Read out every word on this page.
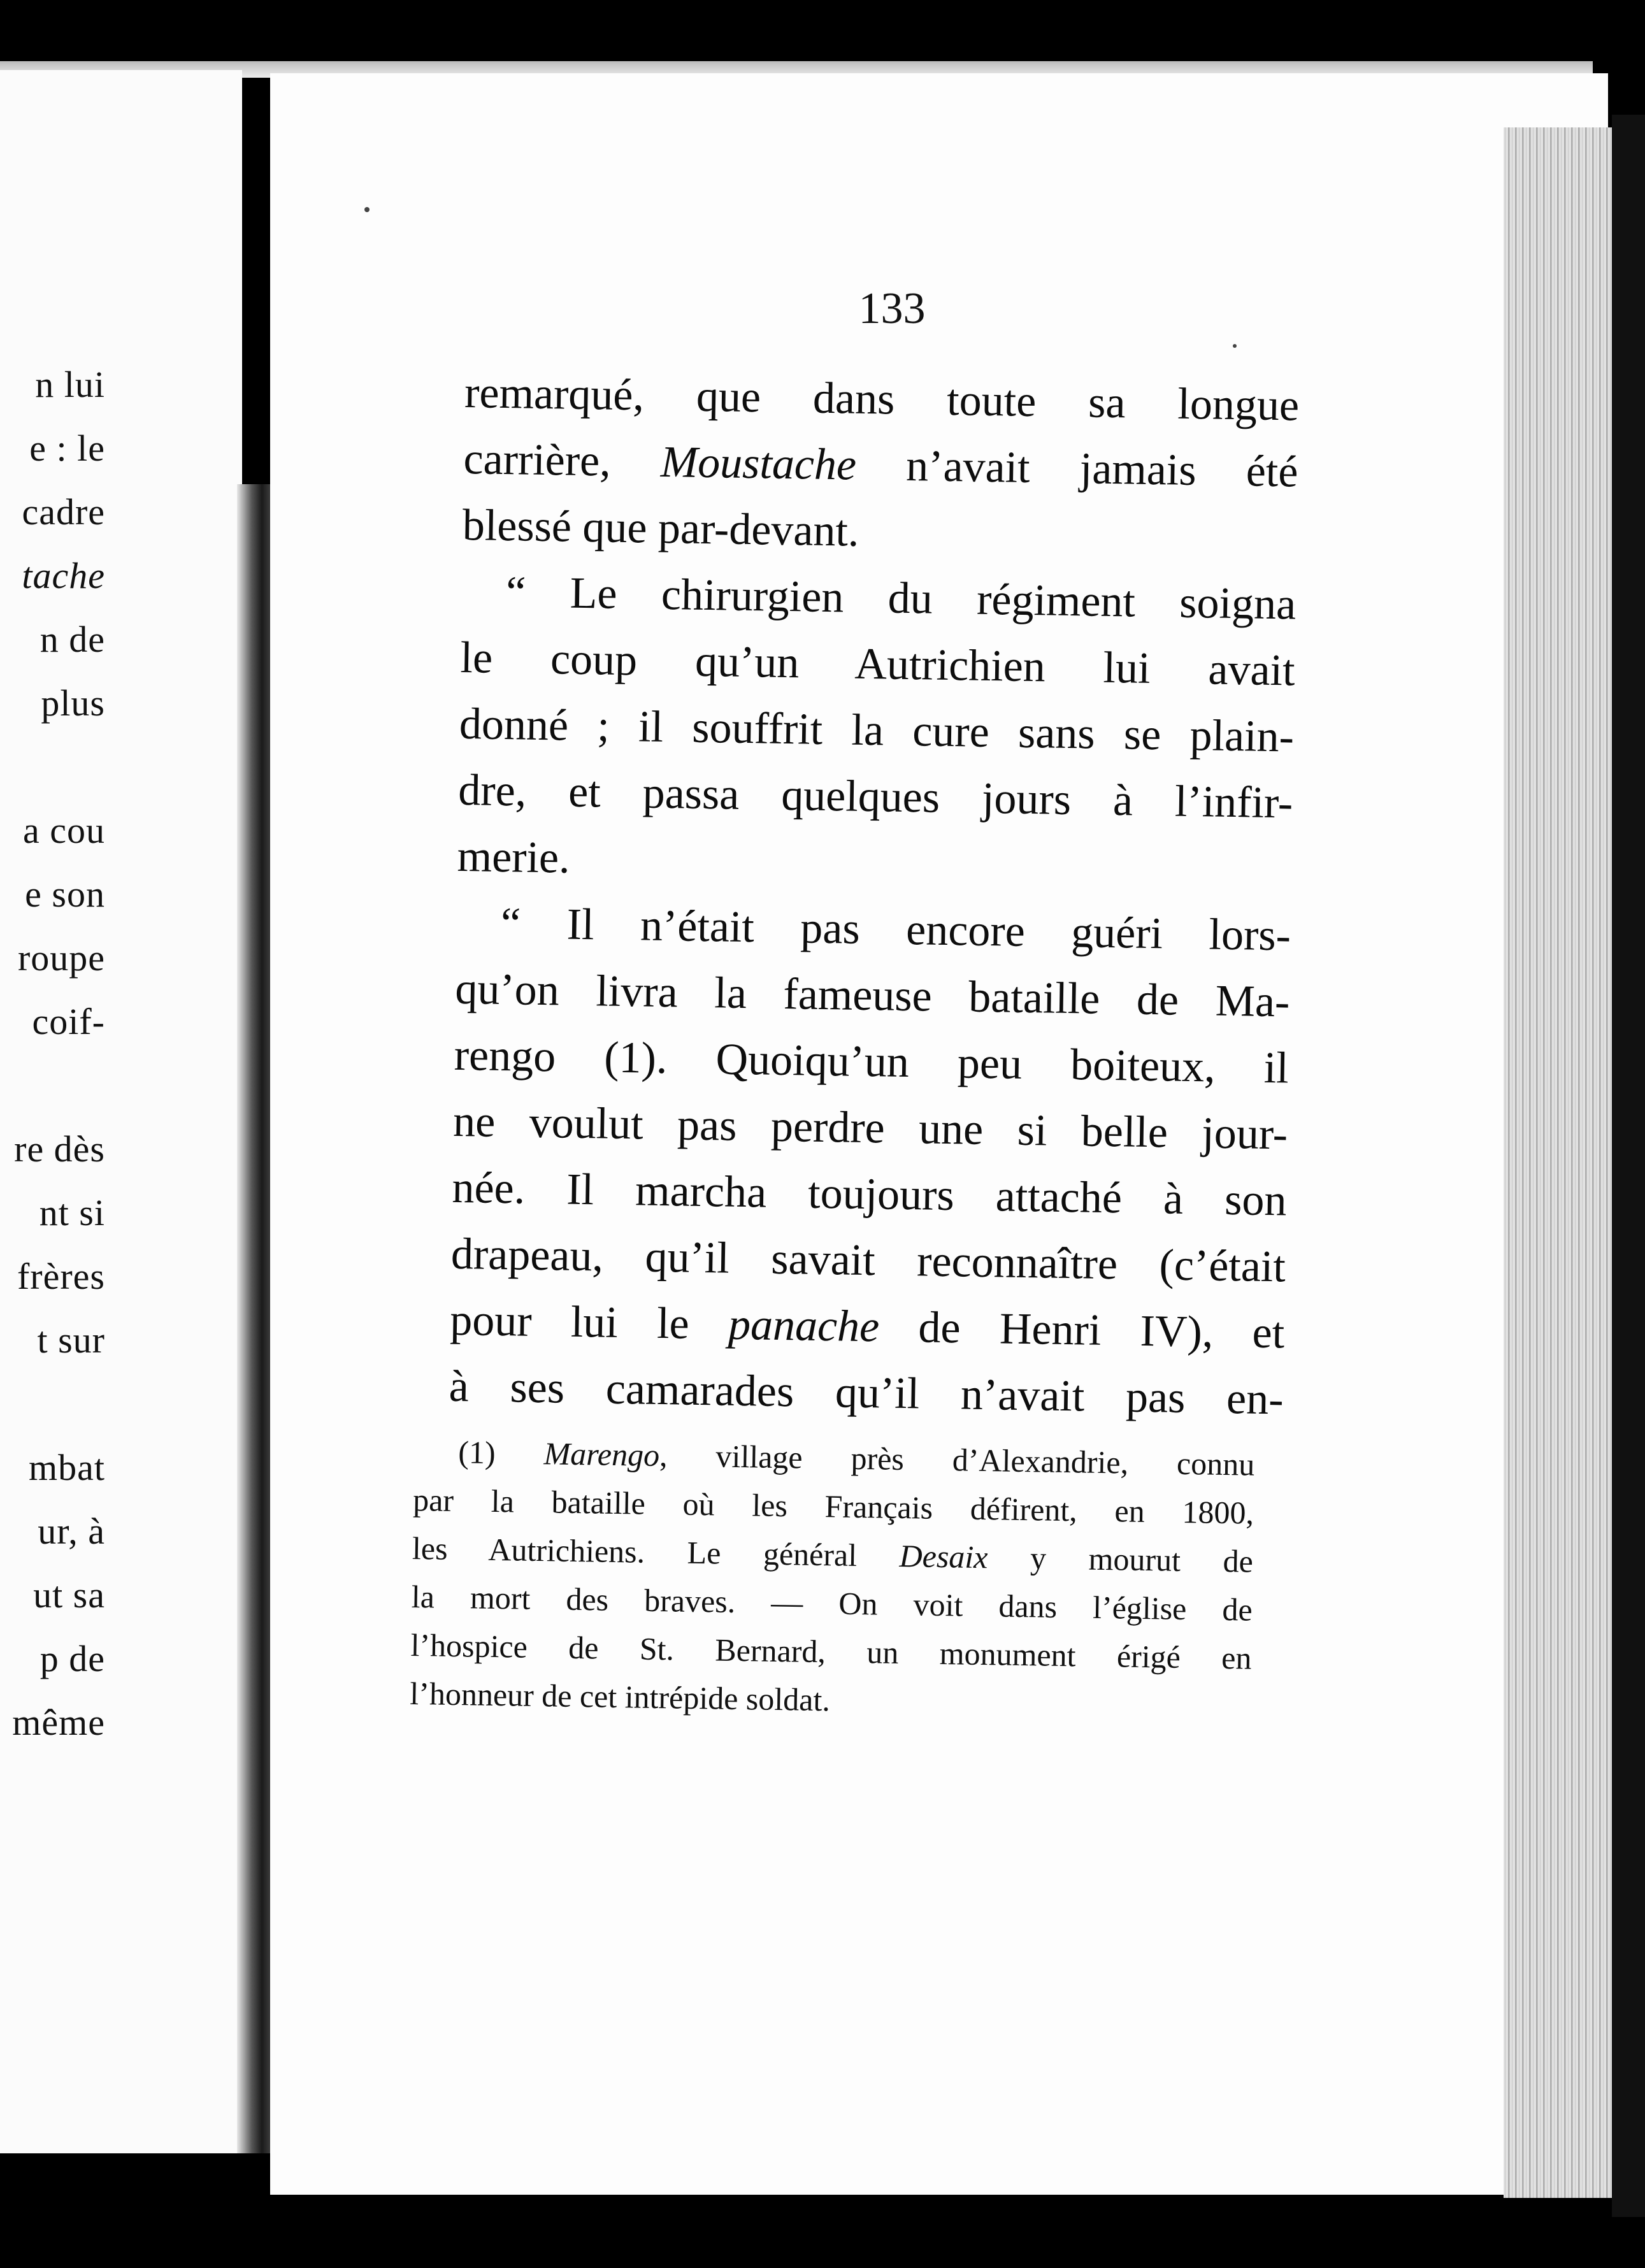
n lui
e : le
cadre
tache
n de
plus
a cou
e son
roupe
coif-
re dès
nt si
frères
t sur
mbat
ur, à
ut sa
p de
même
133
remarqué, que dans toute sa longue
carrière, Moustache n’avait jamais été
blessé que par-devant.
“ Le chirurgien du régiment soigna
le coup qu’un Autrichien lui avait
donné ; il souffrit la cure sans se plain-
dre, et passa quelques jours à l’infir-
merie.
“ Il n’était pas encore guéri lors-
qu’on livra la fameuse bataille de Ma-
rengo (1). Quoiqu’un peu boiteux, il
ne voulut pas perdre une si belle jour-
née. Il marcha toujours attaché à son
drapeau, qu’il savait reconnaître (c’était
pour lui le panache de Henri IV), et
à ses camarades qu’il n’avait pas en-
(1) Marengo, village près d’Alexandrie, connu
par la bataille où les Français défirent, en 1800,
les Autrichiens. Le général Desaix y mourut de
la mort des braves. — On voit dans l’église de
l’hospice de St. Bernard, un monument érigé en
l’honneur de cet intrépide soldat.
